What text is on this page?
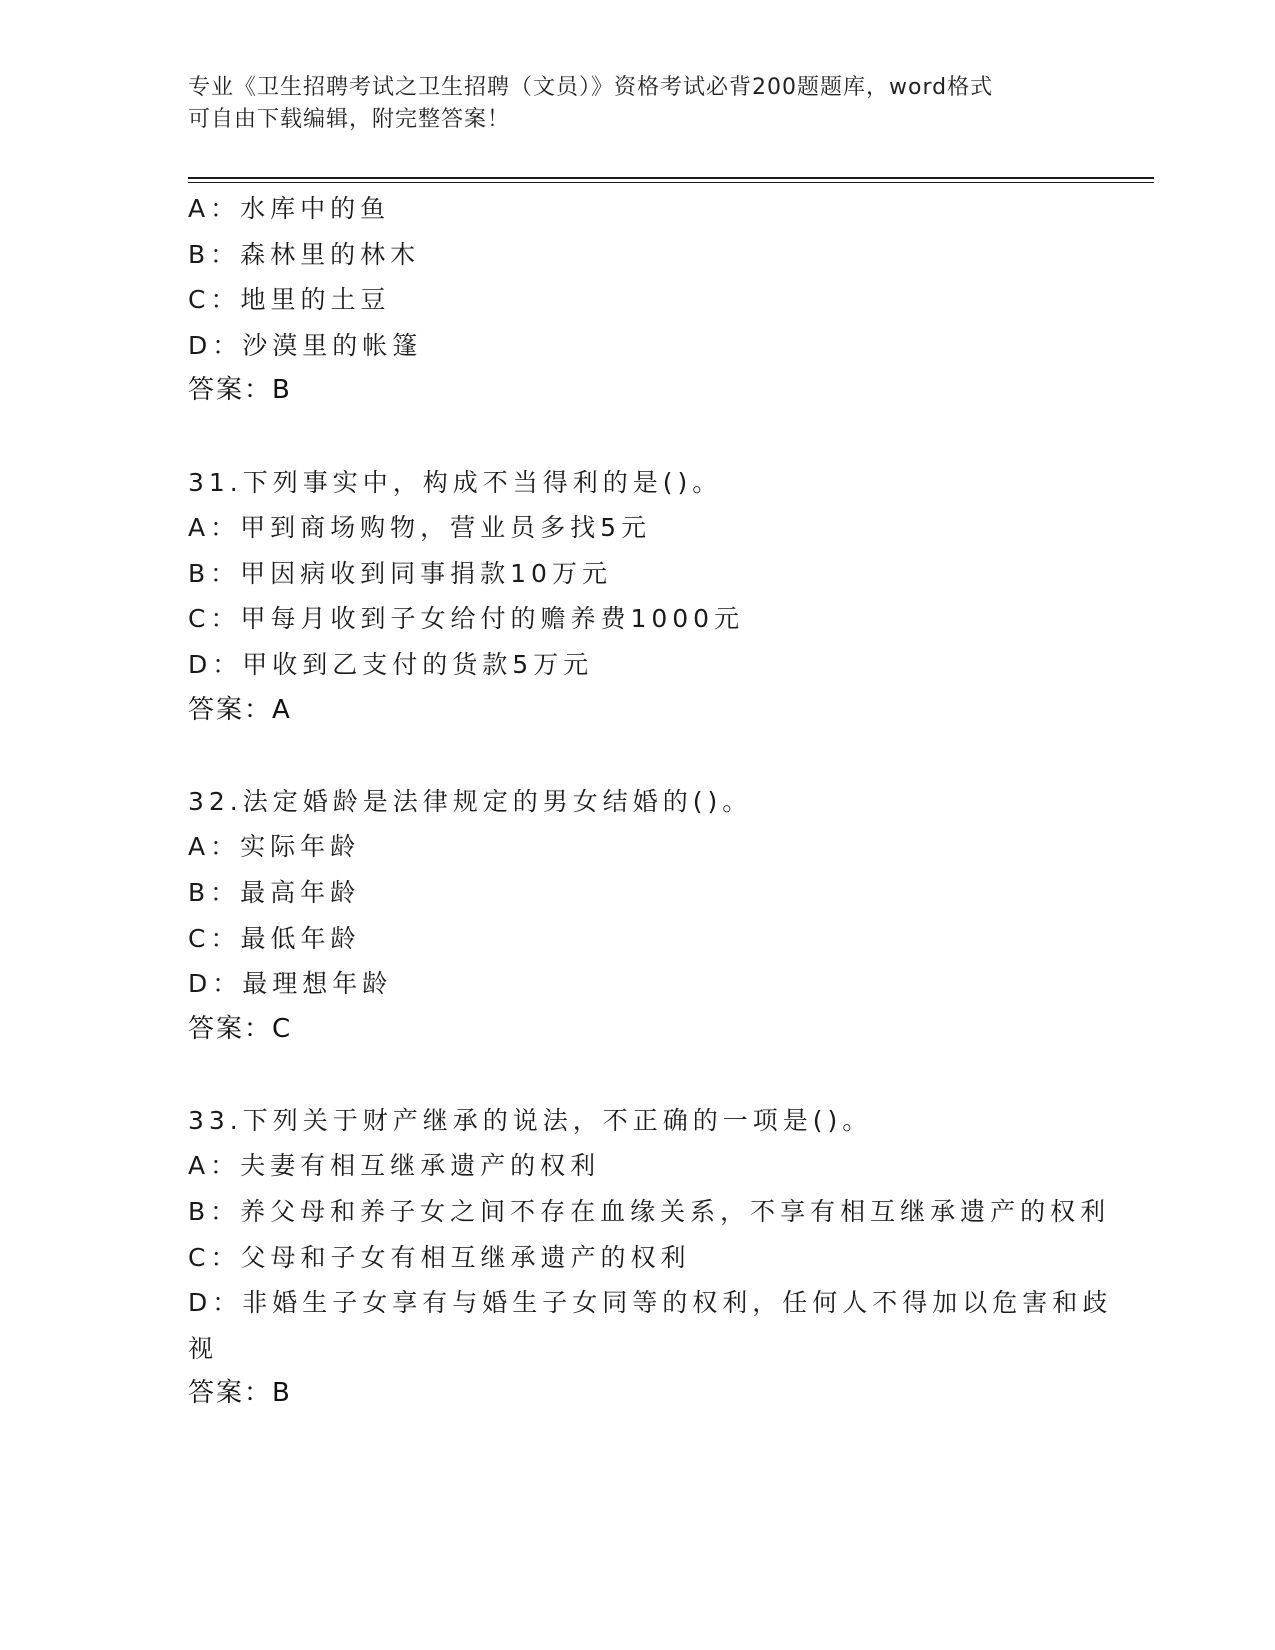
专业《卫生招聘考试之卫生招聘（文员）》资格考试必背200题题库，word格式
可自由下载编辑，附完整答案！
A：水库中的鱼
B：森林里的林木
C：地里的土豆
D：沙漠里的帐篷
答案：B
31.下列事实中，构成不当得利的是()。
A：甲到商场购物，营业员多找5元
B：甲因病收到同事捐款10万元
C：甲每月收到子女给付的赡养费1000元
D：甲收到乙支付的货款5万元
答案：A
32.法定婚龄是法律规定的男女结婚的()。
A：实际年龄
B：最高年龄
C：最低年龄
D：最理想年龄
答案：C
33.下列关于财产继承的说法，不正确的一项是()。
A：夫妻有相互继承遗产的权利
B：养父母和养子女之间不存在血缘关系，不享有相互继承遗产的权利
C：父母和子女有相互继承遗产的权利
D：非婚生子女享有与婚生子女同等的权利，任何人不得加以危害和歧
视
答案：B
